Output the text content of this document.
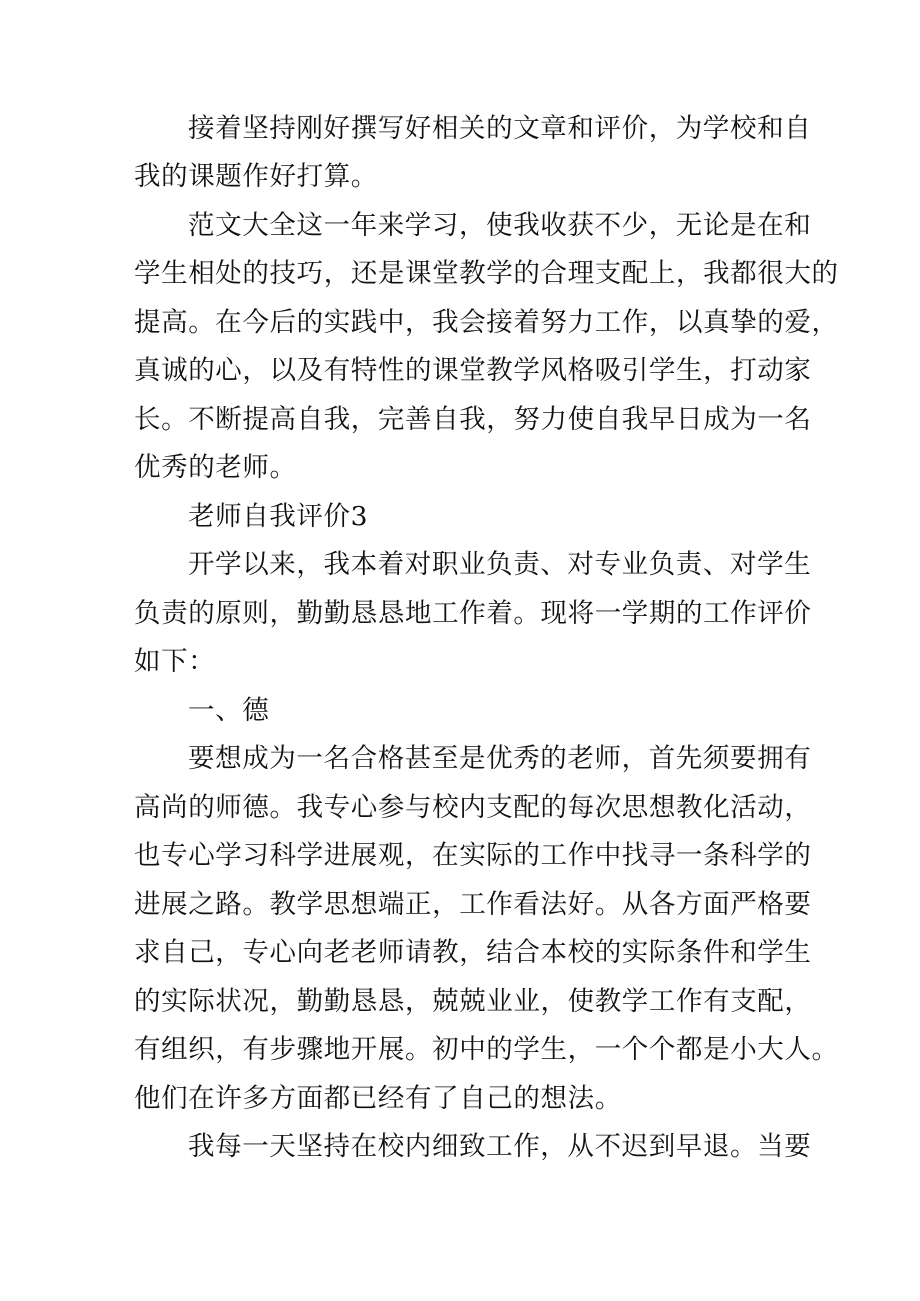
接着坚持刚好撰写好相关的文章和评价，为学校和自
我的课题作好打算。
范文大全这一年来学习，使我收获不少，无论是在和
学生相处的技巧，还是课堂教学的合理支配上，我都很大的
提高。在今后的实践中，我会接着努力工作，以真挚的爱，
真诚的心，以及有特性的课堂教学风格吸引学生，打动家
长。不断提高自我，完善自我，努力使自我早日成为一名
优秀的老师。
老师自我评价3
开学以来，我本着对职业负责、对专业负责、对学生
负责的原则，勤勤恳恳地工作着。现将一学期的工作评价
如下：
一、德
要想成为一名合格甚至是优秀的老师，首先须要拥有
高尚的师德。我专心参与校内支配的每次思想教化活动，
也专心学习科学进展观，在实际的工作中找寻一条科学的
进展之路。教学思想端正，工作看法好。从各方面严格要
求自己，专心向老老师请教，结合本校的实际条件和学生
的实际状况，勤勤恳恳，兢兢业业，使教学工作有支配，
有组织，有步骤地开展。初中的学生，一个个都是小大人。
他们在许多方面都已经有了自己的想法。
我每一天坚持在校内细致工作，从不迟到早退。当要
